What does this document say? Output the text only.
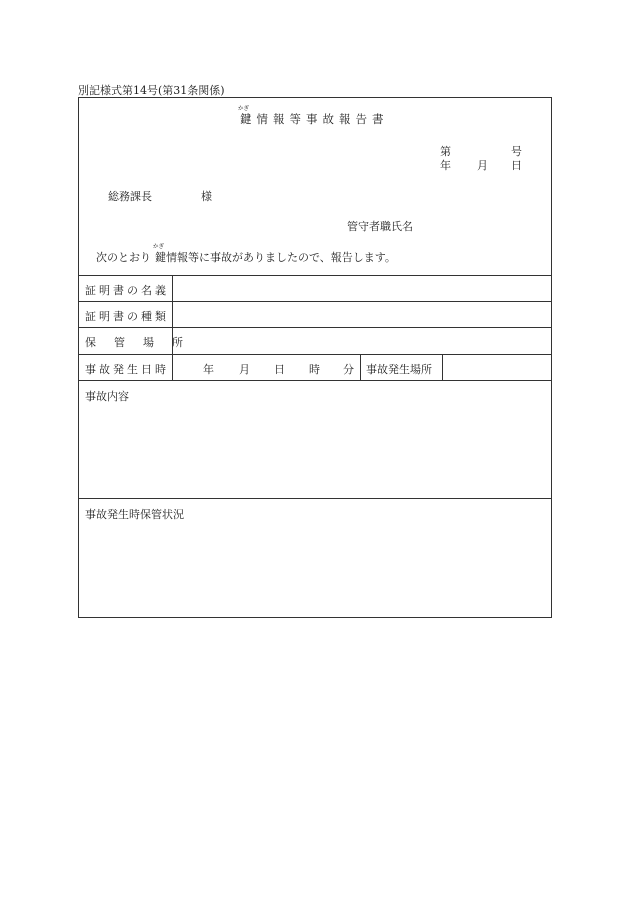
別記様式第14号(第31条関係)
かぎ
鍵情報等事故報告書
第	号
年 月 日
総務課長	様
管守者職氏名
次のとおり
かぎ
鍵情報等に事故がありましたので、報告します。
証明書の名義
証明書の種類
保管場所
事故発生日時	年 月 日 時 分 事故発生場所
事故内容
事故発生時保管状況
